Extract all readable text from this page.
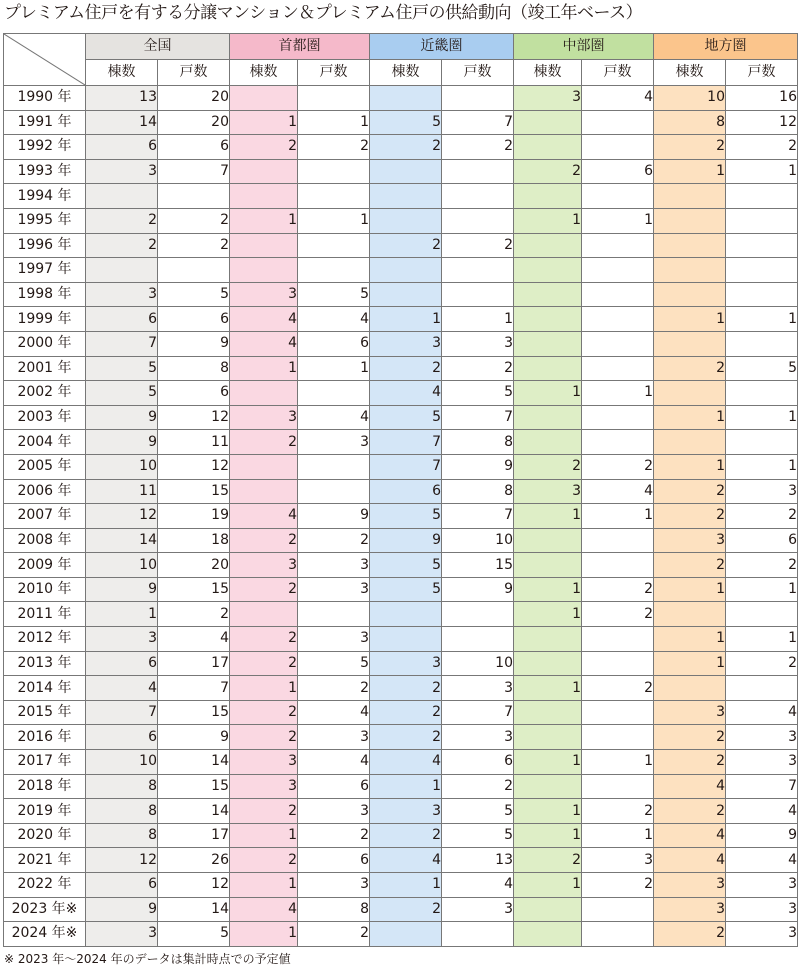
プレミアム住戸を有する分譲マンション＆プレミアム住戸の供給動向（竣工年ベース）
	全国		首都圏		近畿圏		中部圏		地方圏	
	棟数	戸数	棟数	戸数	棟数	戸数	棟数	戸数	棟数	戸数
1990 年	13	20					3	4	10	16
1991 年	14	20	1	1	5	7			8	12
1992 年	6	6	2	2	2	2			2	2
1993 年	3	7					2	6	1	1
1994 年										
1995 年	2	2	1	1			1	1		
1996 年	2	2			2	2				
1997 年										
1998 年	3	5	3	5						
1999 年	6	6	4	4	1	1			1	1
2000 年	7	9	4	6	3	3				
2001 年	5	8	1	1	2	2			2	5
2002 年	5	6			4	5	1	1		
2003 年	9	12	3	4	5	7			1	1
2004 年	9	11	2	3	7	8				
2005 年	10	12			7	9	2	2	1	1
2006 年	11	15			6	8	3	4	2	3
2007 年	12	19	4	9	5	7	1	1	2	2
2008 年	14	18	2	2	9	10			3	6
2009 年	10	20	3	3	5	15			2	2
2010 年	9	15	2	3	5	9	1	2	1	1
2011 年	1	2					1	2		
2012 年	3	4	2	3					1	1
2013 年	6	17	2	5	3	10			1	2
2014 年	4	7	1	2	2	3	1	2		
2015 年	7	15	2	4	2	7			3	4
2016 年	6	9	2	3	2	3			2	3
2017 年	10	14	3	4	4	6	1	1	2	3
2018 年	8	15	3	6	1	2			4	7
2019 年	8	14	2	3	3	5	1	2	2	4
2020 年	8	17	1	2	2	5	1	1	4	9
2021 年	12	26	2	6	4	13	2	3	4	4
2022 年	6	12	1	3	1	4	1	2	3	3
2023 年※	9	14	4	8	2	3			3	3
2024 年※	3	5	1	2					2	3
※ 2023 年～2024 年のデータは集計時点での予定値
